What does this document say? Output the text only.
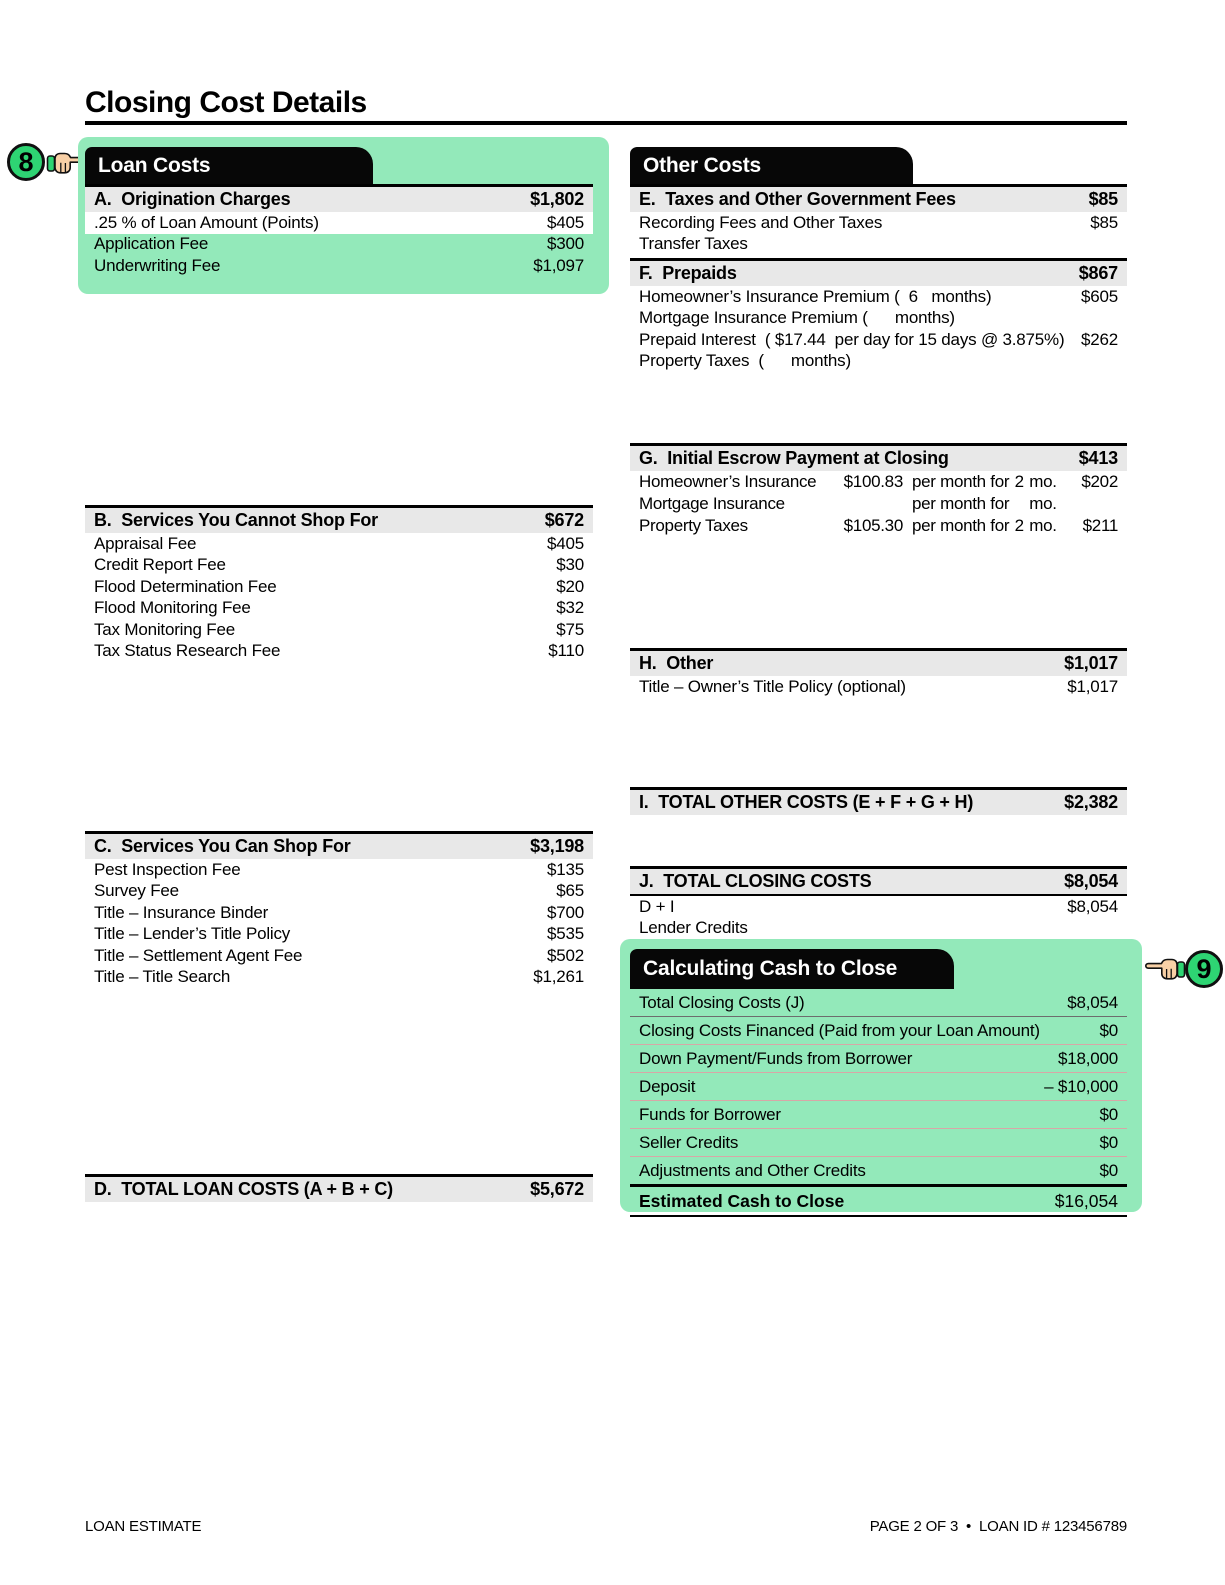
Closing Cost Details
8	Loan Costs
A.  Origination Charges	$1,802
.25 % of Loan Amount (Points)	$405
Application Fee	$300
Underwriting Fee	$1,097
B.  Services You Cannot Shop For	$672
Appraisal Fee	$405
Credit Report Fee	$30
Flood Determination Fee	$20
Flood Monitoring Fee	$32
Tax Monitoring Fee	$75
Tax Status Research Fee	$110
C.  Services You Can Shop For	$3,198
Pest Inspection Fee	$135
Survey Fee	$65
Title – Insurance Binder	$700
Title – Lender’s Title Policy	$535
Title – Settlement Agent Fee	$502
Title – Title Search	$1,261
D.  TOTAL LOAN COSTS (A + B + C)	$5,672
Other Costs
E.  Taxes and Other Government Fees	$85
Recording Fees and Other Taxes	$85
Transfer Taxes
F.  Prepaids	$867
Homeowner’s Insurance Premium (  6   months)	$605
Mortgage Insurance Premium (      months)
Prepaid Interest  ( $17.44  per day for 15 days @ 3.875%) $262
Property Taxes  (      months)
G.  Initial Escrow Payment at Closing	$413
Homeowner’s Insurance	$100.83 per month for 2 mo.	$202
Mortgage Insurance	per month for mo.
Property Taxes	$105.30 per month for 2 mo.	$211
H.  Other	$1,017
Title – Owner’s Title Policy (optional)	$1,017
I.  TOTAL OTHER COSTS (E + F + G + H)	$2,382
J.  TOTAL CLOSING COSTS	$8,054
D + I	$8,054
Lender Credits
Calculating Cash to Close	9
Total Closing Costs (J)	$8,054
Closing Costs Financed (Paid from your Loan Amount)	$0
Down Payment/Funds from Borrower	$18,000
Deposit	– $10,000
Funds for Borrower	$0
Seller Credits	$0
Adjustments and Other Credits	$0
Estimated Cash to Close	$16,054
LOAN ESTIMATE	PAGE 2 OF 3  •  LOAN ID # 123456789
